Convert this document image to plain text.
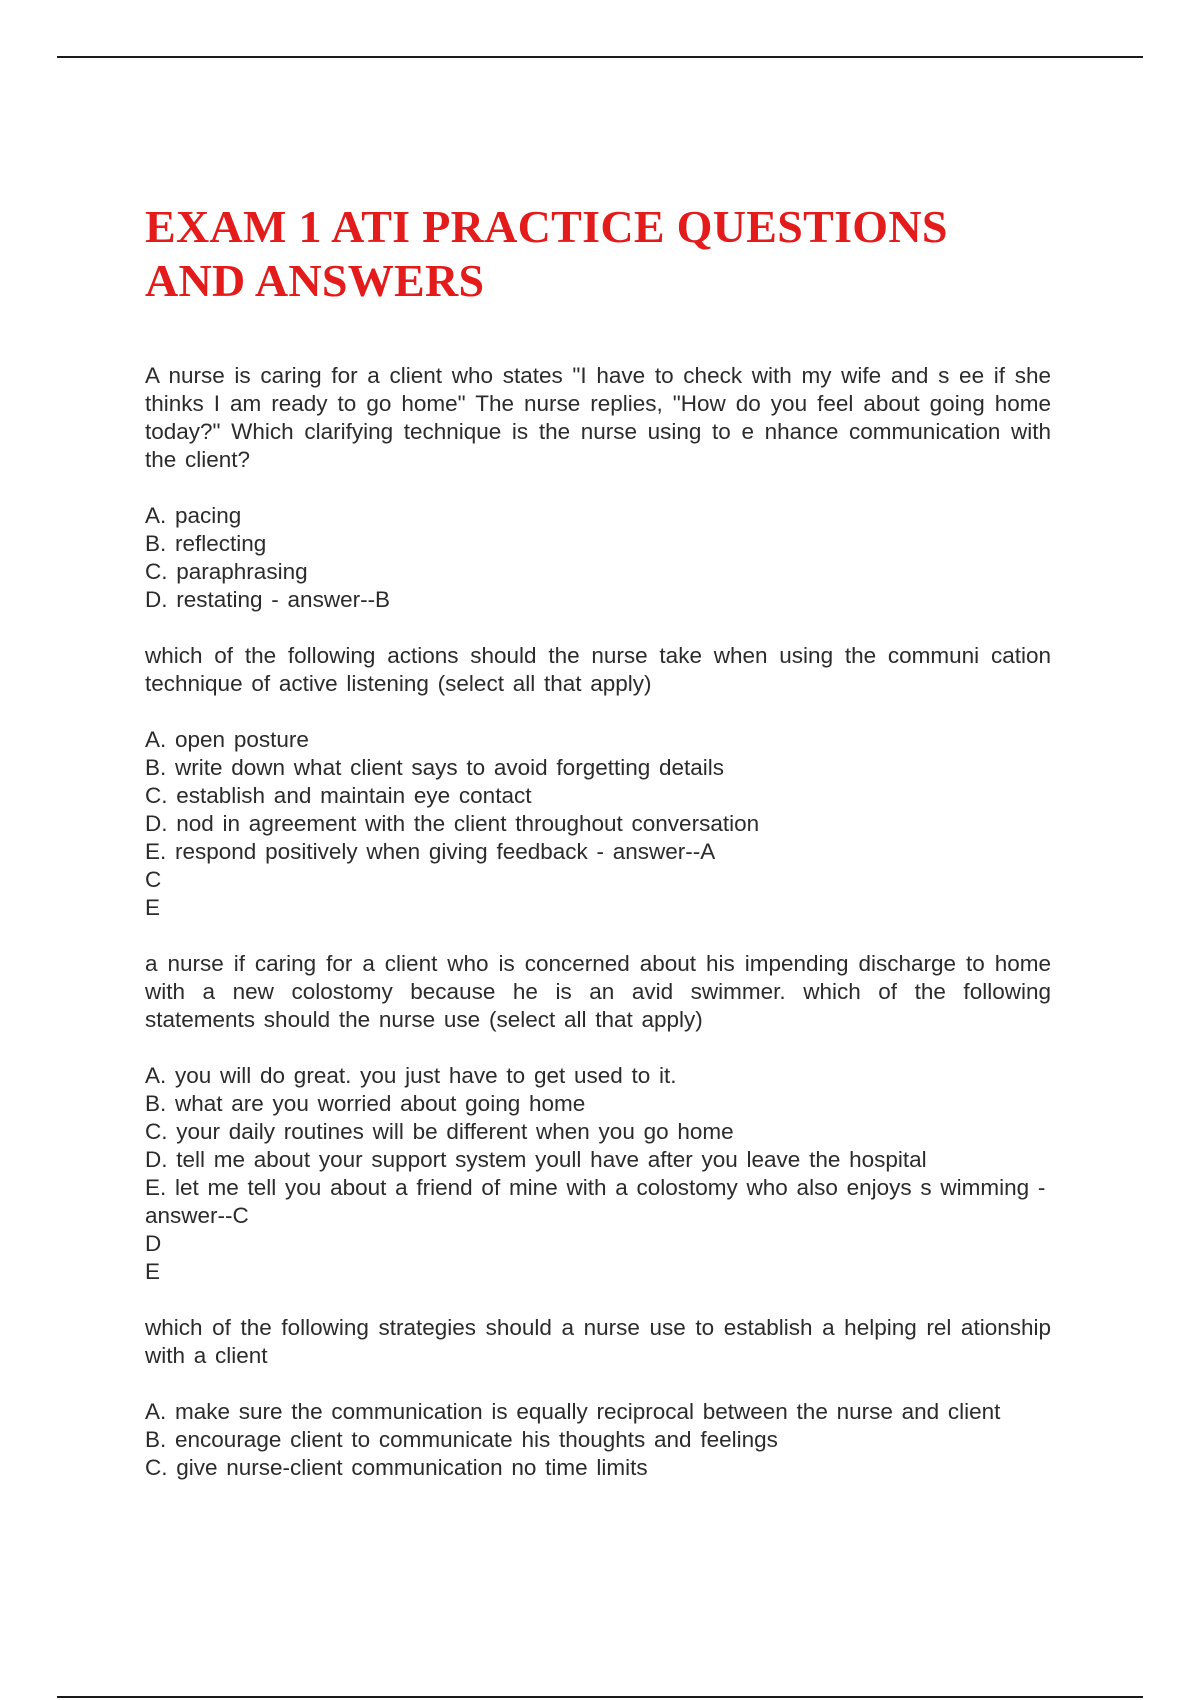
EXAM 1 ATI PRACTICE QUESTIONS AND ANSWERS

A nurse is caring for a client who states "I have to check with my wife and s ee if she thinks I am ready to go home" The nurse replies, "How do you feel about going home today?" Which clarifying technique is the nurse using to e nhance communication with the client?

A. pacing
B. reflecting
C. paraphrasing
D. restating - answer--B

which of the following actions should the nurse take when using the communi cation technique of active listening (select all that apply)

A. open posture
B. write down what client says to avoid forgetting details
C. establish and maintain eye contact
D. nod in agreement with the client throughout conversation
E. respond positively when giving feedback - answer--A
C
E

a nurse if caring for a client who is concerned about his impending discharge to home with a new colostomy because he is an avid swimmer. which of the following statements should the nurse use (select all that apply)

A. you will do great. you just have to get used to it.
B. what are you worried about going home
C. your daily routines will be different when you go home
D. tell me about your support system youll have after you leave the hospital
E. let me tell you about a friend of mine with a colostomy who also enjoys s wimming - answer--C
D
E

which of the following strategies should a nurse use to establish a helping rel ationship with a client

A. make sure the communication is equally reciprocal between the nurse and client
B. encourage client to communicate his thoughts and feelings
C. give nurse-client communication no time limits
